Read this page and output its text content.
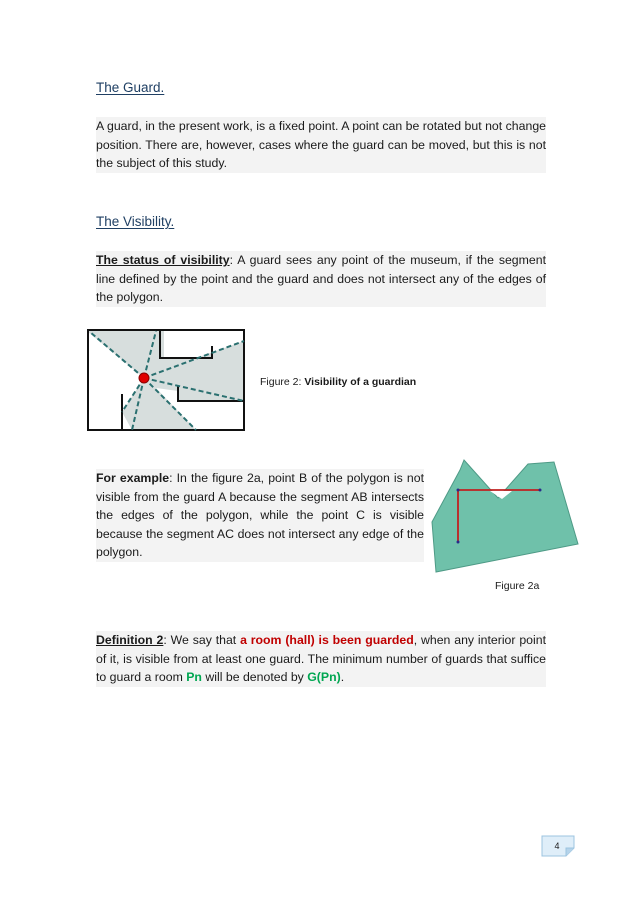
The Guard.
A guard, in the present work, is a fixed point. A point can be rotated but not change position. There are, however, cases where the guard can be moved, but this is not the subject of this study.
The Visibility.
The status of visibility: A guard sees any point of the museum, if the segment line defined by the point and the guard and does not intersect any of the edges of the polygon.
Figure 2: Visibility of a guardian
For example: In the figure 2a, point B of the polygon is not visible from the guard A because the segment AB intersects the edges of the polygon, while the point C is visible because the segment AC does not intersect any edge of the polygon.
Figure 2a
Definition 2: We say that a room (hall) is been guarded, when any interior point of it, is visible from at least one guard. The minimum number of guards that suffice to guard a room Pn will be denoted by G(Pn).
4
